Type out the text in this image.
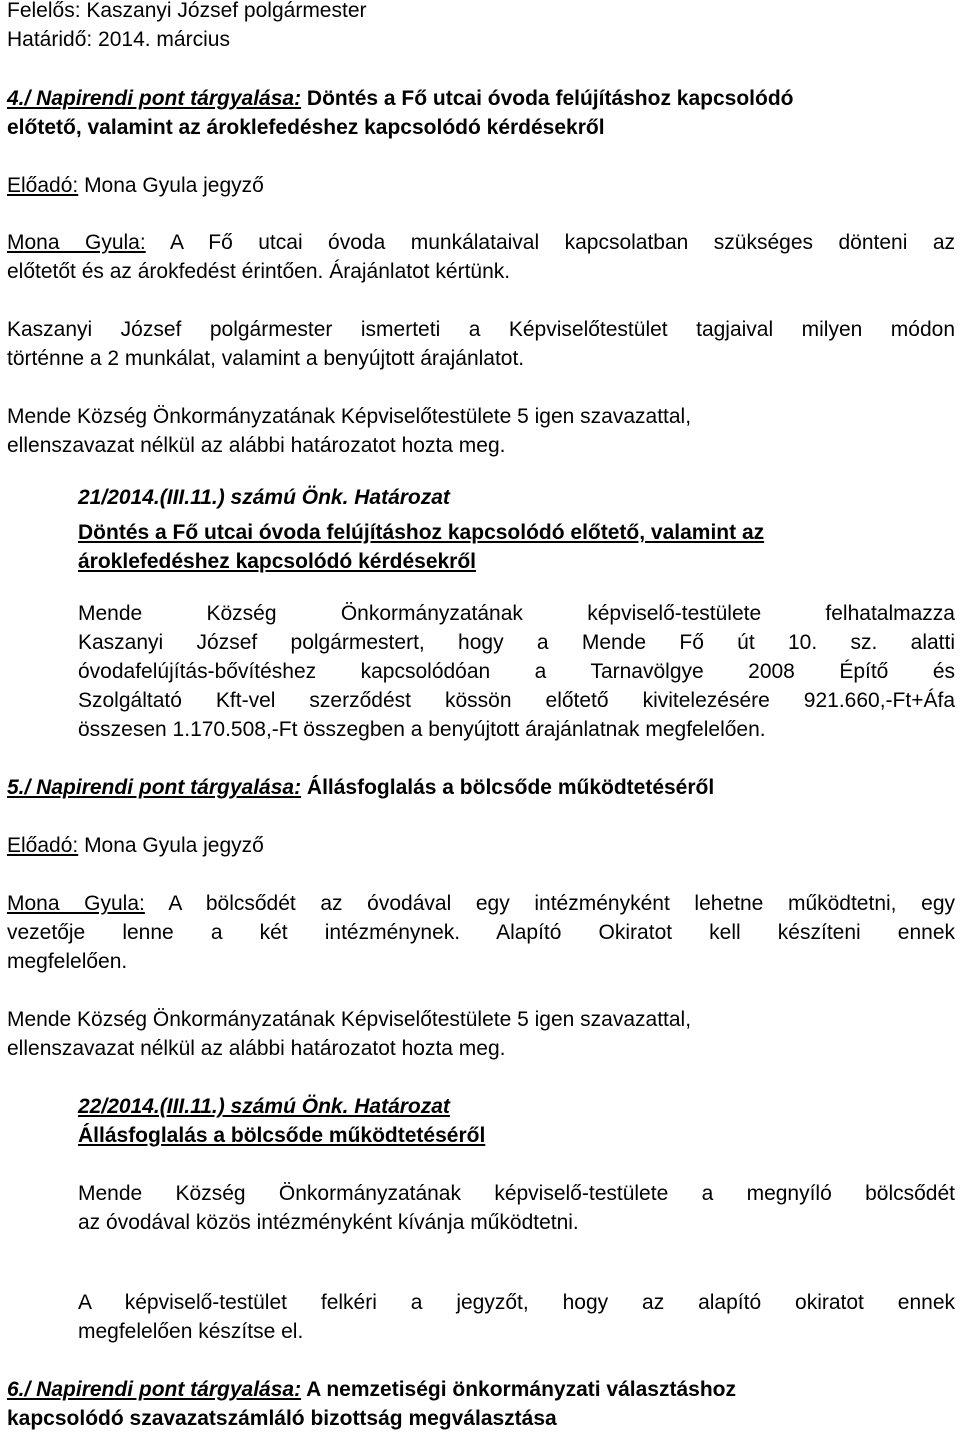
Felelős: Kaszanyi József polgármester
Határidő: 2014. március
4./ Napirendi pont tárgyalása: Döntés a Fő utcai óvoda felújításhoz kapcsolódó
előtető, valamint az ároklefedéshez kapcsolódó kérdésekről
Előadó: Mona Gyula jegyző
Mona Gyula: A Fő utcai óvoda munkálataival kapcsolatban szükséges dönteni az
előtetőt és az árokfedést érintően. Árajánlatot kértünk.
Kaszanyi József polgármester ismerteti a Képviselőtestület tagjaival milyen módon
történne a 2 munkálat, valamint a benyújtott árajánlatot.
Mende Község Önkormányzatának Képviselőtestülete 5 igen szavazattal,
ellenszavazat nélkül az alábbi határozatot hozta meg.
21/2014.(III.11.) számú Önk. Határozat
Döntés a Fő utcai óvoda felújításhoz kapcsolódó előtető, valamint az
ároklefedéshez kapcsolódó kérdésekről
Mende Község Önkormányzatának képviselő-testülete felhatalmazza
Kaszanyi József polgármestert, hogy a Mende Fő út 10. sz. alatti
óvodafelújítás-bővítéshez kapcsolódóan a Tarnavölgye 2008 Építő és
Szolgáltató Kft-vel szerződést kössön előtető kivitelezésére 921.660,-Ft+Áfa
összesen 1.170.508,-Ft összegben a benyújtott árajánlatnak megfelelően.
5./ Napirendi pont tárgyalása: Állásfoglalás a bölcsőde működtetéséről
Előadó: Mona Gyula jegyző
Mona Gyula: A bölcsődét az óvodával egy intézményként lehetne működtetni, egy
vezetője lenne a két intézménynek. Alapító Okiratot kell készíteni ennek
megfelelően.
Mende Község Önkormányzatának Képviselőtestülete 5 igen szavazattal,
ellenszavazat nélkül az alábbi határozatot hozta meg.
22/2014.(III.11.) számú Önk. Határozat
Állásfoglalás a bölcsőde működtetéséről
Mende Község Önkormányzatának képviselő-testülete a megnyíló bölcsődét
az óvodával közös intézményként kívánja működtetni.
A képviselő-testület felkéri a jegyzőt, hogy az alapító okiratot ennek
megfelelően készítse el.
6./ Napirendi pont tárgyalása: A nemzetiségi önkormányzati választáshoz
kapcsolódó szavazatszámláló bizottság megválasztása
